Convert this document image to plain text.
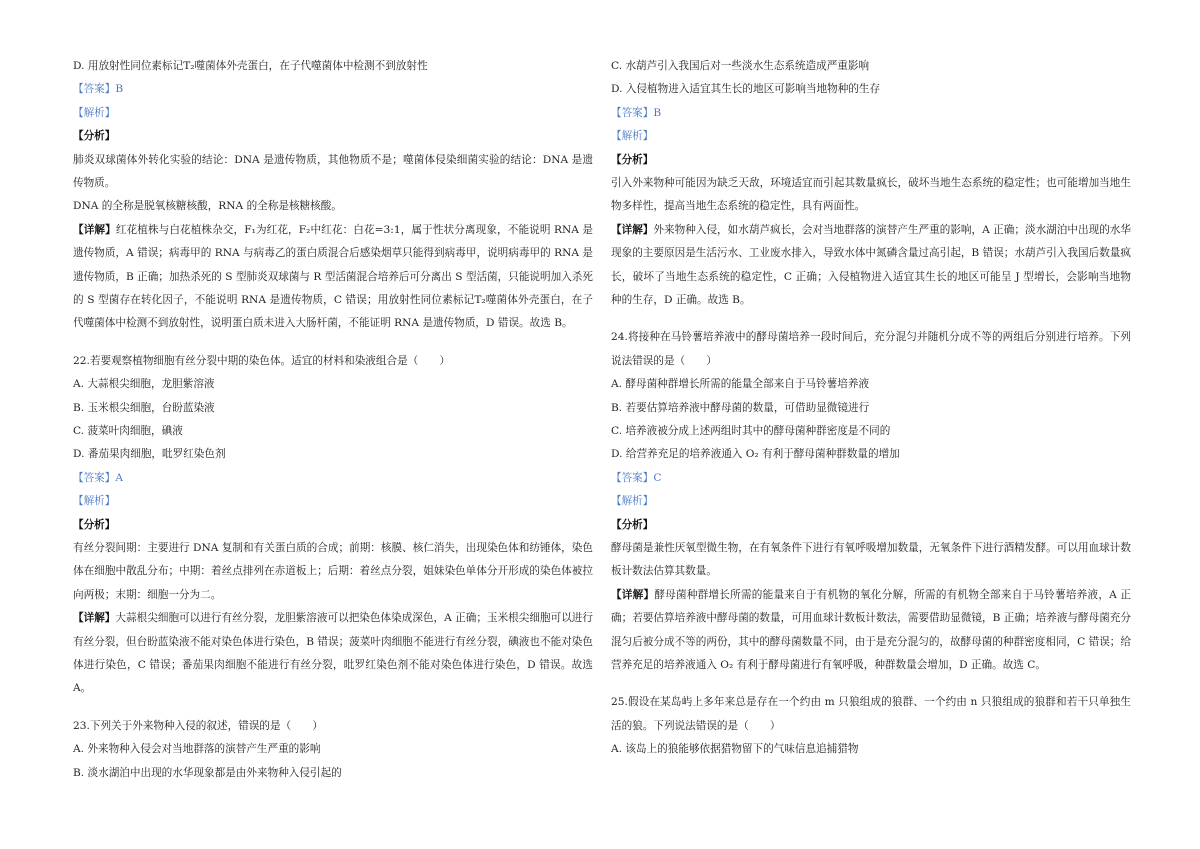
D. 用放射性同位素标记T₂噬菌体外壳蛋白，在子代噬菌体中检测不到放射性
【答案】B
【解析】
【分析】
肺炎双球菌体外转化实验的结论：DNA 是遗传物质，其他物质不是；噬菌体侵染细菌实验的结论：DNA 是遗传物质。
DNA 的全称是脱氧核糖核酸，RNA 的全称是核糖核酸。
【详解】红花植株与白花植株杂交，F₁为红花，F₂中红花：白花=3:1，属于性状分离现象，不能说明 RNA 是遗传物质，A 错误；病毒甲的 RNA 与病毒乙的蛋白质混合后感染烟草只能得到病毒甲，说明病毒甲的 RNA 是遗传物质，B 正确；加热杀死的 S 型肺炎双球菌与 R 型活菌混合培养后可分离出 S 型活菌，只能说明加入杀死的 S 型菌存在转化因子，不能说明 RNA 是遗传物质，C 错误；用放射性同位素标记T₂噬菌体外壳蛋白，在子代噬菌体中检测不到放射性，说明蛋白质未进入大肠杆菌，不能证明 RNA 是遗传物质，D 错误。故选 B。
22.若要观察植物细胞有丝分裂中期的染色体。适宜的材料和染液组合是（　　）
A. 大蒜根尖细胞，龙胆紫溶液
B. 玉米根尖细胞，台盼蓝染液
C. 菠菜叶肉细胞，碘液
D. 番茄果肉细胞，吡罗红染色剂
【答案】A
【解析】
【分析】
有丝分裂间期：主要进行 DNA 复制和有关蛋白质的合成；前期：核膜、核仁消失，出现染色体和纺锤体，染色体在细胞中散乱分布；中期：着丝点排列在赤道板上；后期：着丝点分裂，姐妹染色单体分开形成的染色体被拉向两极；末期：细胞一分为二。
【详解】大蒜根尖细胞可以进行有丝分裂，龙胆紫溶液可以把染色体染成深色，A 正确；玉米根尖细胞可以进行有丝分裂，但台盼蓝染液不能对染色体进行染色，B 错误；菠菜叶肉细胞不能进行有丝分裂，碘液也不能对染色体进行染色，C 错误；番茄果肉细胞不能进行有丝分裂，吡罗红染色剂不能对染色体进行染色，D 错误。故选 A。
23.下列关于外来物种入侵的叙述，错误的是（　　）
A. 外来物种入侵会对当地群落的演替产生严重的影响
B. 淡水湖泊中出现的水华现象都是由外来物种入侵引起的
C. 水葫芦引入我国后对一些淡水生态系统造成严重影响
D. 入侵植物进入适宜其生长的地区可影响当地物种的生存
【答案】B
【解析】
【分析】
引入外来物种可能因为缺乏天敌，环境适宜而引起其数量疯长，破坏当地生态系统的稳定性；也可能增加当地生物多样性，提高当地生态系统的稳定性，具有两面性。
【详解】外来物种入侵，如水葫芦疯长，会对当地群落的演替产生严重的影响，A 正确；淡水湖泊中出现的水华现象的主要原因是生活污水、工业废水排入，导致水体中氮磷含量过高引起，B 错误；水葫芦引入我国后数量疯长，破坏了当地生态系统的稳定性，C 正确；入侵植物进入适宜其生长的地区可能呈 J 型增长，会影响当地物种的生存，D 正确。故选 B。
24.将接种在马铃薯培养液中的酵母菌培养一段时间后，充分混匀并随机分成不等的两组后分别进行培养。下列说法错误的是（　　）
A. 酵母菌种群增长所需的能量全部来自于马铃薯培养液
B. 若要估算培养液中酵母菌的数量，可借助显微镜进行
C. 培养液被分成上述两组时其中的酵母菌种群密度是不同的
D. 给营养充足的培养液通入 O₂ 有利于酵母菌种群数量的增加
【答案】C
【解析】
【分析】
酵母菌是兼性厌氧型微生物，在有氧条件下进行有氧呼吸增加数量，无氧条件下进行酒精发酵。可以用血球计数板计数法估算其数量。
【详解】酵母菌种群增长所需的能量来自于有机物的氧化分解，所需的有机物全部来自于马铃薯培养液，A 正确；若要估算培养液中酵母菌的数量，可用血球计数板计数法，需要借助显微镜，B 正确；培养液与酵母菌充分混匀后被分成不等的两份，其中的酵母菌数量不同，由于是充分混匀的，故酵母菌的种群密度相同，C 错误；给营养充足的培养液通入 O₂ 有利于酵母菌进行有氧呼吸，种群数量会增加，D 正确。故选 C。
25.假设在某岛屿上多年来总是存在一个约由 m 只狼组成的狼群、一个约由 n 只狼组成的狼群和若干只单独生活的狼。下列说法错误的是（　　）
A. 该岛上的狼能够依据猎物留下的气味信息追捕猎物
